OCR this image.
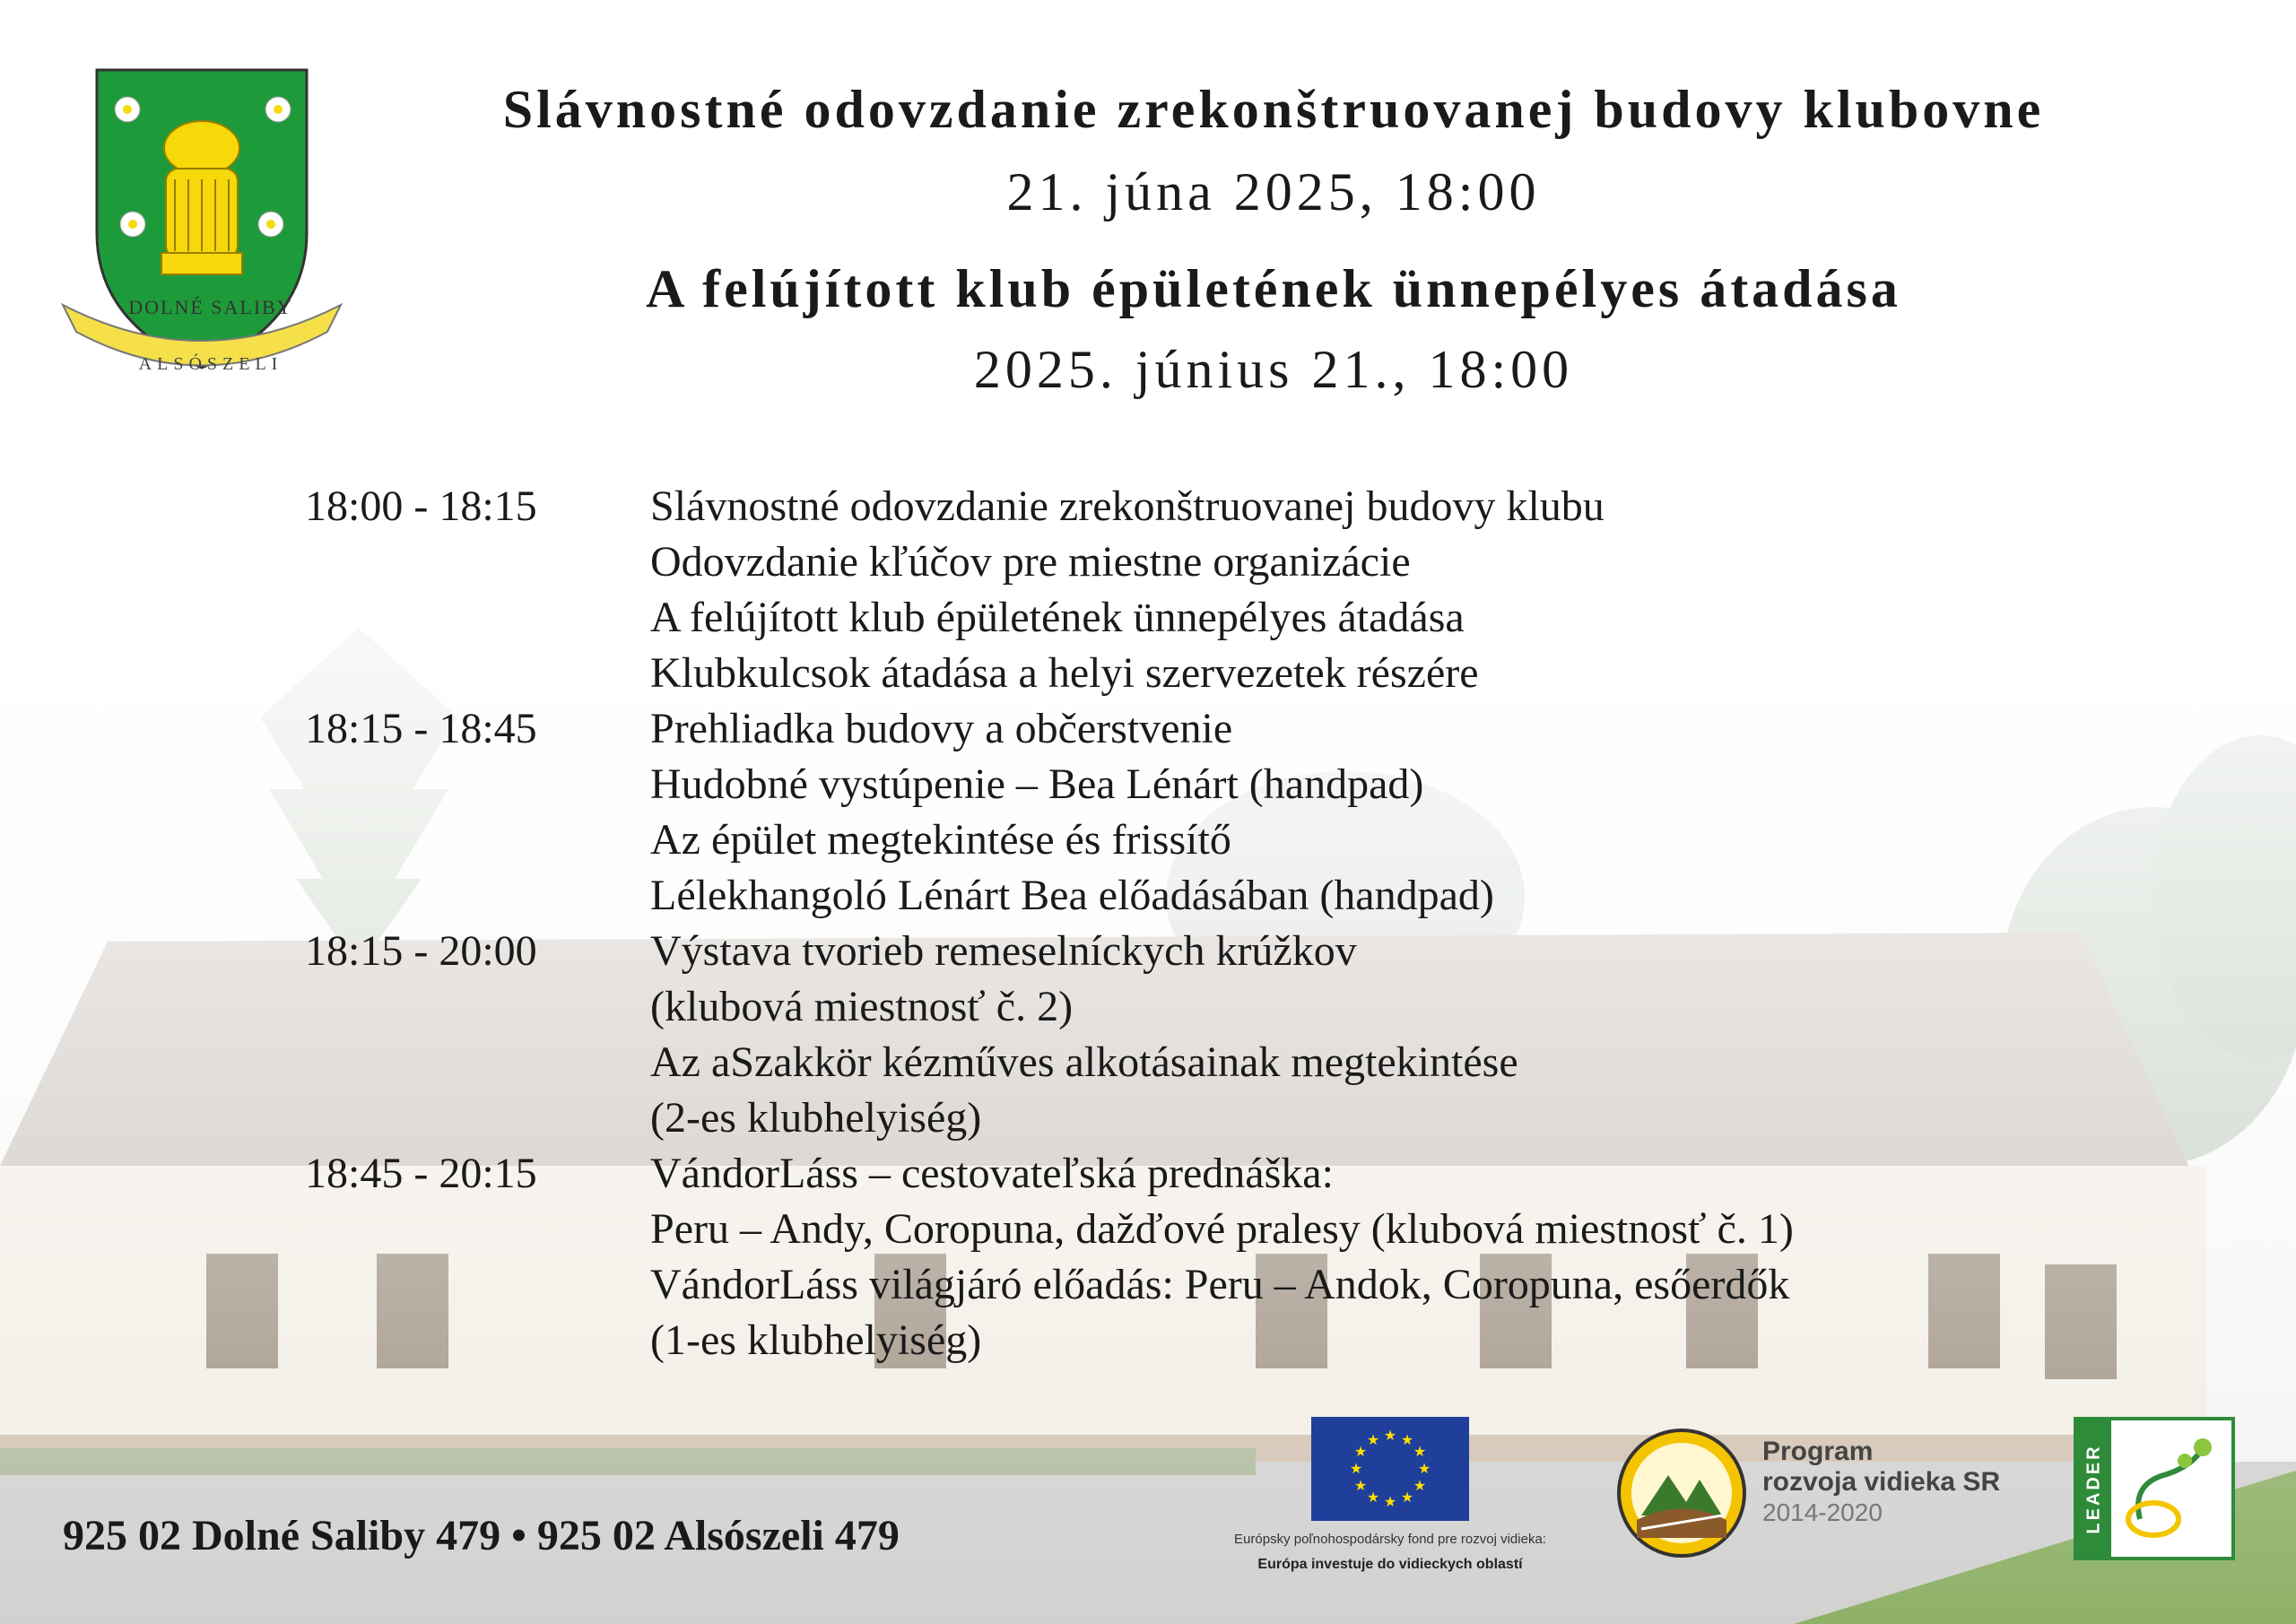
DOLNÉ SALIBY
ALSÓSZELI
Slávnostné odovzdanie zrekonštruovanej budovy klubovne
21. júna 2025, 18:00
A felújított klub épületének ünnepélyes átadása
2025. június 21., 18:00
18:00 - 18:15	Slávnostné odovzdanie zrekonštruovanej budovy klubu
Odovzdanie kľúčov pre miestne organizácie
A felújított klub épületének ünnepélyes átadása
Klubkulcsok átadása a helyi szervezetek részére
18:15 - 18:45	Prehliadka budovy a občerstvenie
Hudobné vystúpenie – Bea Lénárt (handpad)
Az épület megtekintése és frissítő
Lélekhangoló Lénárt Bea előadásában (handpad)
18:15 - 20:00	Výstava tvorieb remeselníckych krúžkov
(klubová miestnosť č. 2)
Az aSzakkör kézműves alkotásainak megtekintése
(2-es klubhelyiség)
18:45 - 20:15	VándorLáss – cestovateľská prednáška:
Peru – Andy, Coropuna, dažďové pralesy (klubová miestnosť č. 1)
VándorLáss világjáró előadás: Peru – Andok, Coropuna, esőerdők
(1-es klubhelyiség)
925 02 Dolné Saliby 479 • 925 02 Alsószeli 479
★ ★
★
★
★
★
★
★
★
★
★
★
Európsky poľnohospodársky fond pre rozvoj vidieka:
Európa investuje do vidieckych oblastí
Program
rozvoja vidieka SR
2014-2020	LEADER
